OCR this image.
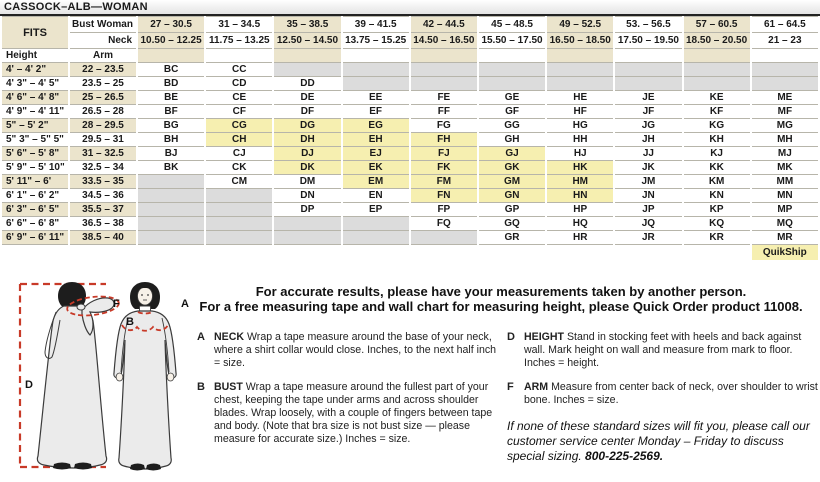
CASSOCK–ALB—WOMAN
FITS	Bust Woman	27 – 30.5	31 – 34.5	35 – 38.5	39 – 41.5	42 – 44.5	45 – 48.5	49 – 52.5	53. – 56.5	57 – 60.5	61 – 64.5
	Neck	10.50 – 12.25	11.75 – 13.25	12.50 – 14.50	13.75 – 15.25	14.50 – 16.50	15.50 – 17.50	16.50 – 18.50	17.50 – 19.50	18.50 – 20.50	21 – 23
Height	Arm										
4' – 4' 2"	22 – 23.5	BC	CC								
4' 3" – 4' 5"	23.5 – 25	BD	CD	DD							
4' 6" – 4' 8"	25 – 26.5	BE	CE	DE	EE	FE	GE	HE	JE	KE	ME
4' 9" – 4' 11"	26.5 – 28	BF	CF	DF	EF	FF	GF	HF	JF	KF	MF
5" – 5' 2"	28 – 29.5	BG	CG	DG	EG	FG	GG	HG	JG	KG	MG
5" 3" – 5" 5"	29.5 – 31	BH	CH	DH	EH	FH	GH	HH	JH	KH	MH
5' 6" – 5' 8"	31 – 32.5	BJ	CJ	DJ	EJ	FJ	GJ	HJ	JJ	KJ	MJ
5' 9" – 5' 10"	32.5 – 34	BK	CK	DK	EK	FK	GK	HK	JK	KK	MK
5' 11" – 6'	33.5 – 35		CM	DM	EM	FM	GM	HM	JM	KM	MM
6' 1" – 6' 2"	34.5 – 36			DN	EN	FN	GN	HN	JN	KN	MN
6' 3" – 6' 5"	35.5 – 37			DP	EP	FP	GP	HP	JP	KP	MP
6' 6" – 6' 8"	36.5 – 38					FQ	GQ	HQ	JQ	KQ	MQ
6' 9" – 6' 11"	38.5 – 40						GR	HR	JR	KR	MR
											QuikShip
D
F	A
B
For accurate results, please have your measurements taken by another person.
For a free measuring tape and wall chart for measuring height, please Quick Order product 11008.
A NECK Wrap a tape measure around the base of your neck, where a shirt collar would close. Inches, to the next half inch = size.
B BUST Wrap a tape measure around the fullest part of your chest, keeping the tape under arms and across shoulder blades. Wrap loosely, with a couple of fingers between tape and body. (Note that bra size is not bust size — please measure for accurate size.) Inches = size.
D HEIGHT Stand in stocking feet with heels and back against wall. Mark height on wall and measure from mark to floor. Inches = height.
F ARM Measure from center back of neck, over shoulder to wrist bone. Inches = size.
If none of these standard sizes will fit you, please call our customer service center Monday – Friday to discuss special sizing. 800-225-2569.
